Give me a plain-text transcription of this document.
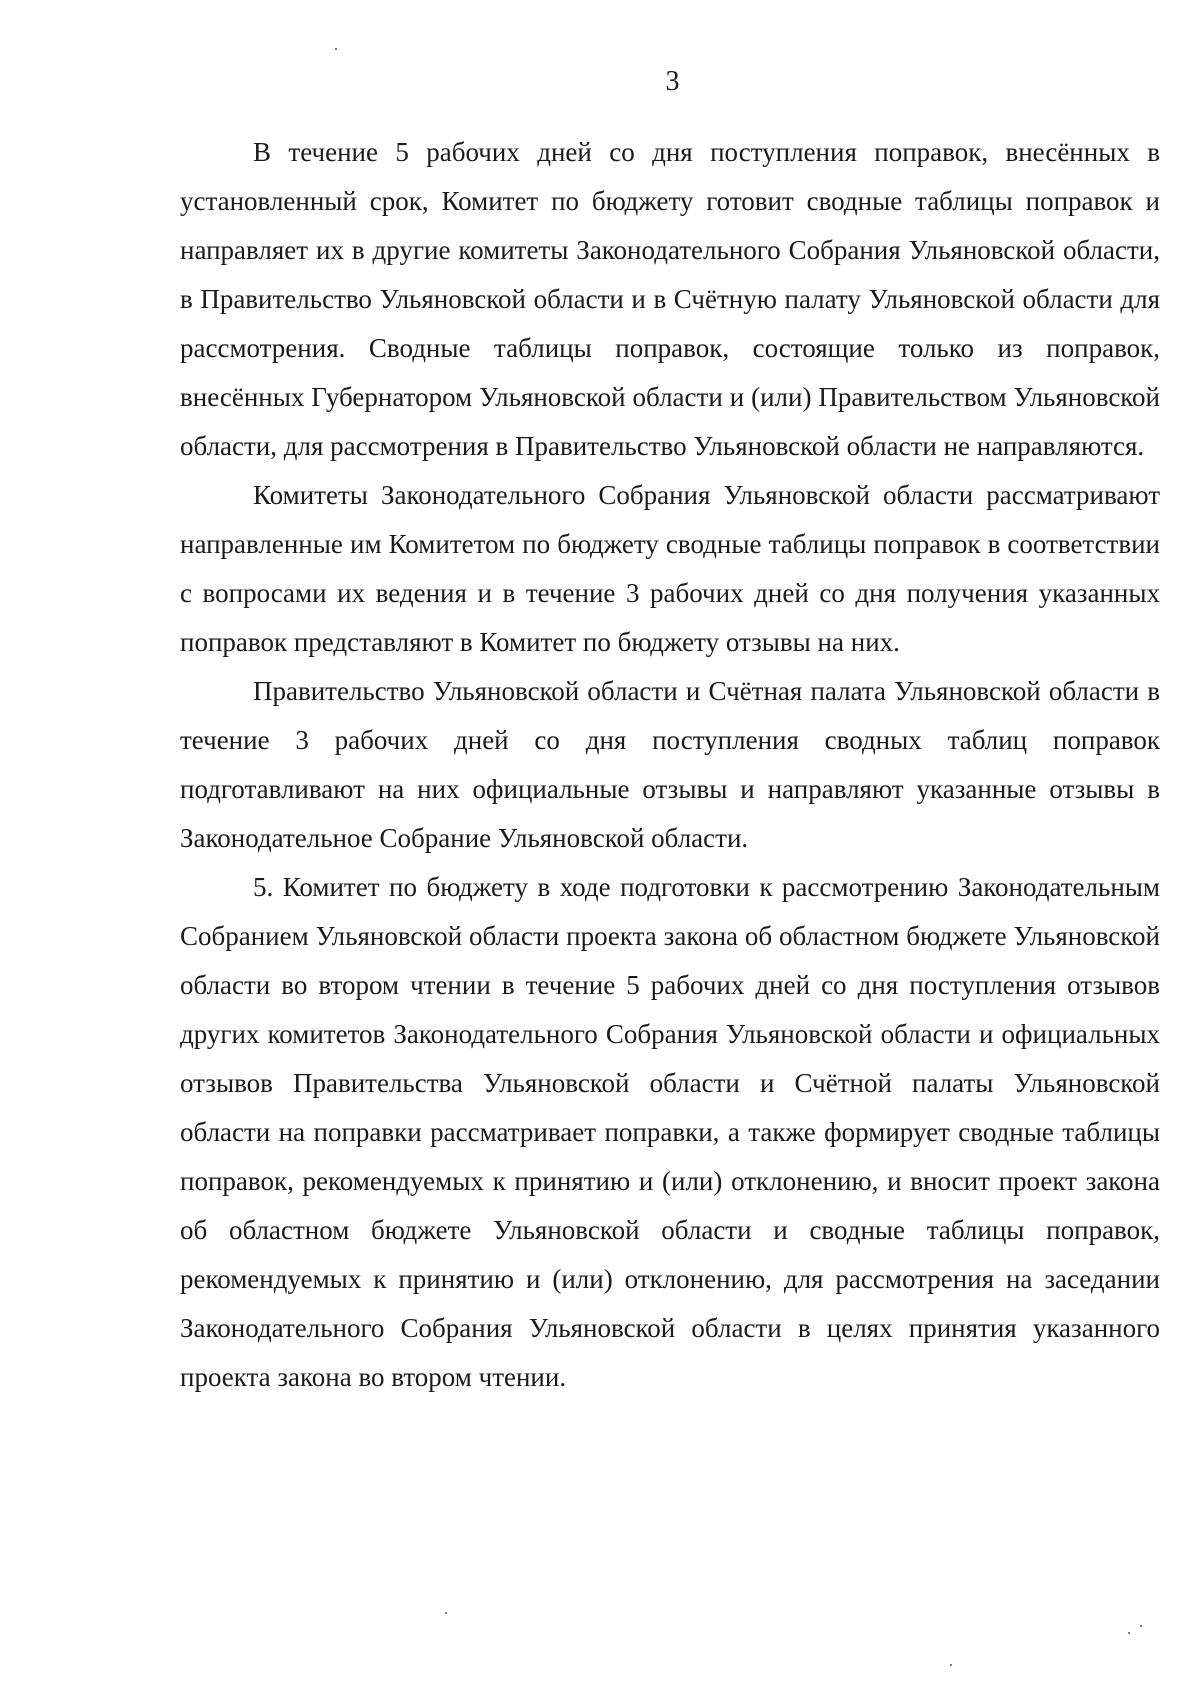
3

В течение 5 рабочих дней со дня поступления поправок, внесённых в установленный срок, Комитет по бюджету готовит сводные таблицы поправок и направляет их в другие комитеты Законодательного Собрания Ульяновской области, в Правительство Ульяновской области и в Счётную палату Ульяновской области для рассмотрения. Сводные таблицы поправок, состоящие только из поправок, внесённых Губернатором Ульяновской области и (или) Правительством Ульяновской области, для рассмотрения в Правительство Ульяновской области не направляются.

Комитеты Законодательного Собрания Ульяновской области рассматривают направленные им Комитетом по бюджету сводные таблицы поправок в соответствии с вопросами их ведения и в течение 3 рабочих дней со дня получения указанных поправок представляют в Комитет по бюджету отзывы на них.

Правительство Ульяновской области и Счётная палата Ульяновской области в течение 3 рабочих дней со дня поступления сводных таблиц поправок подготавливают на них официальные отзывы и направляют указанные отзывы в Законодательное Собрание Ульяновской области.

5. Комитет по бюджету в ходе подготовки к рассмотрению Законодательным Собранием Ульяновской области проекта закона об областном бюджете Ульяновской области во втором чтении в течение 5 рабочих дней со дня поступления отзывов других комитетов Законодательного Собрания Ульяновской области и официальных отзывов Правительства Ульяновской области и Счётной палаты Ульяновской области на поправки рассматривает поправки, а также формирует сводные таблицы поправок, рекомендуемых к принятию и (или) отклонению, и вносит проект закона об областном бюджете Ульяновской области и сводные таблицы поправок, рекомендуемых к принятию и (или) отклонению, для рассмотрения на заседании Законодательного Собрания Ульяновской области в целях принятия указанного проекта закона во втором чтении.
